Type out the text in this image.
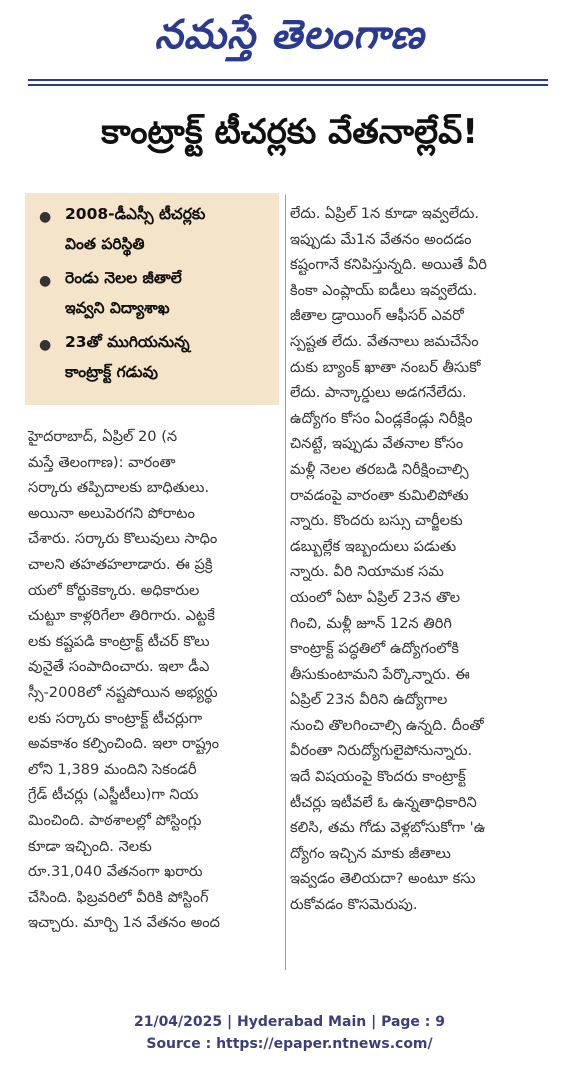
నమస్తే తెలంగాణ
కాంట్రాక్ట్ టీచర్లకు వేతనాల్లేవ్!
● 2008-డీఎస్సీ టీచర్లకు
వింత పరిస్థితి
● రెండు నెలల జీతాలే
ఇవ్వని విద్యాశాఖ
● 23తో ముగియనున్న
కాంట్రాక్ట్ గడువు
హైదరాబాద్, ఏప్రిల్ 20 (న
మస్తే తెలంగాణ): వారంతా
సర్కారు తప్పిదాలకు బాధితులు.
అయినా అలుపెరగని పోరాటం
చేశారు. సర్కారు కొలువులు సాధిం
చాలని తహతహలాడారు. ఈ ప్రక్రి
యలో కోర్టుకెక్కారు. అధికారుల
చుట్టూ కాళ్లరిగేలా తిరిగారు. ఎట్టకే
లకు కష్టపడి కాంట్రాక్ట్ టీచర్ కొలు
వునైతే సంపాదించారు. ఇలా డీఎ
స్సీ-2008లో నష్టపోయిన అభ్యర్థు
లకు సర్కారు కాంట్రాక్ట్ టీచర్లుగా
అవకాశం కల్పించింది. ఇలా రాష్ట్రం
లోని 1,389 మందిని సెకండరీ
గ్రేడ్ టీచర్లు (ఎస్జీటీలు)గా నియ
మించింది. పాఠశాలల్లో పోస్టింగ్లు
కూడా ఇచ్చింది. నెలకు
రూ.31,040 వేతనంగా ఖరారు
చేసింది. ఫిబ్రవరిలో వీరికి పోస్టింగ్
ఇచ్చారు. మార్చి 1న వేతనం అంద
లేదు. ఏప్రిల్ 1న కూడా ఇవ్వలేదు.
ఇప్పుడు మే1న వేతనం అందడం
కష్టంగానే కనిపిస్తున్నది. అయితే వీరి
కింకా ఎంప్లాయ్ ఐడీలు ఇవ్వలేదు.
జీతాల డ్రాయింగ్ ఆఫీసర్ ఎవరో
స్పష్టత లేదు. వేతనాలు జమచేసేం
దుకు బ్యాంక్ ఖాతా నంబర్ తీసుకో
లేదు. పాన్కార్డులు అడగనేలేదు.
ఉద్యోగం కోసం ఏండ్లకేండ్లు నిరీక్షిం
చినట్టే, ఇప్పుడు వేతనాల కోసం
మళ్లీ నెలల తరబడి నిరీక్షించాల్సి
రావడంపై వారంతా కుమిలిపోతు
న్నారు. కొందరు బస్సు చార్జీలకు
డబ్బుల్లేక ఇబ్బందులు పడుతు
న్నారు. వీరి నియామక సమ
యంలో ఏటా ఏప్రిల్ 23న తొల
గించి, మళ్లీ జూన్ 12న తిరిగి
కాంట్రాక్ట్ పద్ధతిలో ఉద్యోగంలోకి
తీసుకుంటామని పేర్కొన్నారు. ఈ
ఏప్రిల్ 23న వీరిని ఉద్యోగాల
నుంచి తొలగించాల్సి ఉన్నది. దీంతో
వీరంతా నిరుద్యోగులైపోనున్నారు.
ఇదే విషయంపై కొందరు కాంట్రాక్ట్
టీచర్లు ఇటీవలే ఓ ఉన్నతాధికారిని
కలిసి, తమ గోడు వెళ్లబోసుకోగా 'ఉ
ద్యోగం ఇచ్చిన మాకు జీతాలు
ఇవ్వడం తెలియదా? అంటూ కసు
రుకోవడం కొసమెరుపు.
21/04/2025 | Hyderabad Main | Page : 9
Source : https://epaper.ntnews.com/
